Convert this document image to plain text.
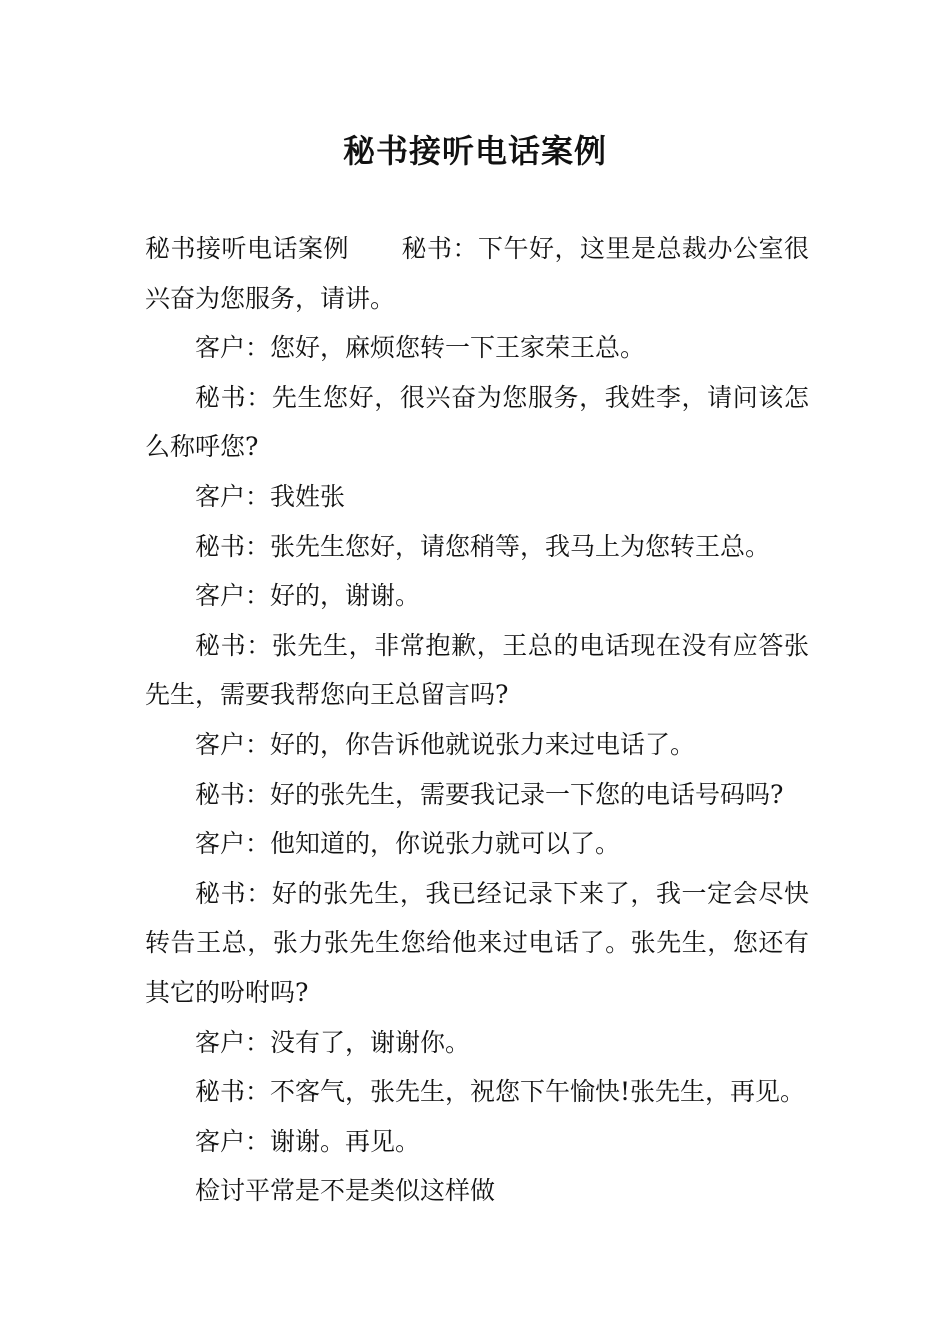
秘书接听电话案例

秘书接听电话案例 秘书：下午好，这里是总裁办公室很兴奋为您服务，请讲。

客户：您好，麻烦您转一下王家荣王总。

秘书：先生您好，很兴奋为您服务，我姓李，请问该怎么称呼您?

客户：我姓张

秘书：张先生您好，请您稍等，我马上为您转王总。

客户：好的，谢谢。

秘书：张先生，非常抱歉，王总的电话现在没有应答张先生，需要我帮您向王总留言吗?

客户：好的，你告诉他就说张力来过电话了。

秘书：好的张先生，需要我记录一下您的电话号码吗?

客户：他知道的，你说张力就可以了。

秘书：好的张先生，我已经记录下来了，我一定会尽快转告王总，张力张先生您给他来过电话了。张先生，您还有其它的吩咐吗?

客户：没有了，谢谢你。

秘书：不客气，张先生，祝您下午愉快!张先生，再见。

客户：谢谢。再见。

检讨平常是不是类似这样做
